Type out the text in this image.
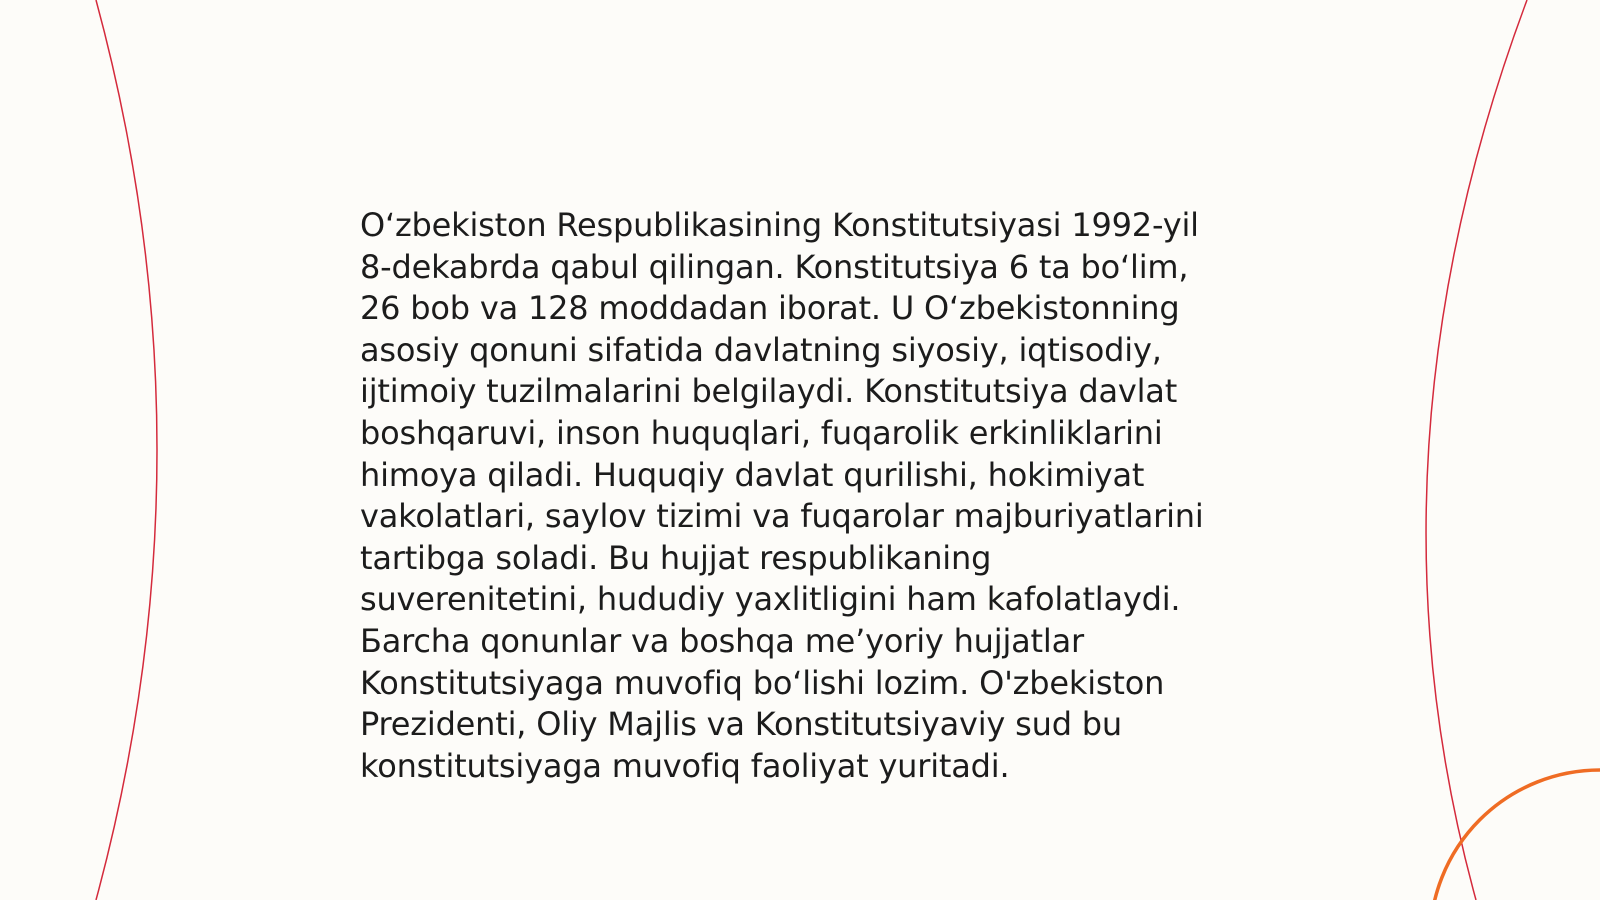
O‘zbekiston Respublikasining Konstitutsiyasi 1992-yil
8-dekabrda qabul qilingan. Konstitutsiya 6 ta bo‘lim,
26 bob va 128 moddadan iborat. U O‘zbekistonning
asosiy qonuni sifatida davlatning siyosiy, iqtisodiy,
ijtimoiy tuzilmalarini belgilaydi. Konstitutsiya davlat
boshqaruvi, inson huquqlari, fuqarolik erkinliklarini
himoya qiladi. Huquqiy davlat qurilishi, hokimiyat
vakolatlari, saylov tizimi va fuqarolar majburiyatlarini
tartibga soladi. Bu hujjat respublikaning
suverenitetini, hududiy yaxlitligini ham kafolatlaydi.
Бarcha qonunlar va boshqa me’yoriy hujjatlar
Konstitutsiyaga muvofiq bo‘lishi lozim. O'zbekiston
Prezidenti, Oliy Majlis va Konstitutsiyaviy sud bu
konstitutsiyaga muvofiq faoliyat yuritadi.
